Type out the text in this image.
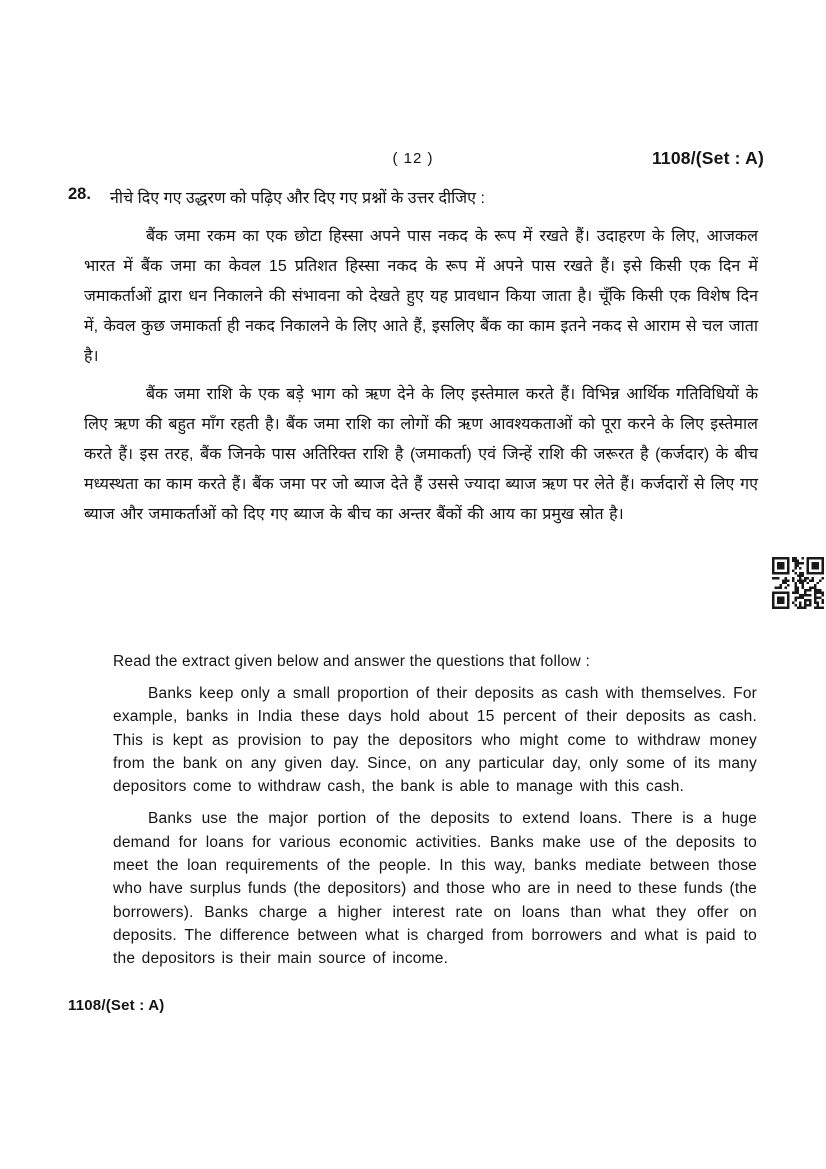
( 12 )	1108/(Set : A)
28. नीचे दिए गए उद्धरण को पढ़िए और दिए गए प्रश्नों के उत्तर दीजिए :

बैंक जमा रकम का एक छोटा हिस्सा अपने पास नकद के रूप में रखते हैं। उदाहरण के लिए, आजकल भारत में बैंक जमा का केवल 15 प्रतिशत हिस्सा नकद के रूप में अपने पास रखते हैं। इसे किसी एक दिन में जमाकर्ताओं द्वारा धन निकालने की संभावना को देखते हुए यह प्रावधान किया जाता है। चूँकि किसी एक विशेष दिन में, केवल कुछ जमाकर्ता ही नकद निकालने के लिए आते हैं, इसलिए बैंक का काम इतने नकद से आराम से चल जाता है।

बैंक जमा राशि के एक बड़े भाग को ऋण देने के लिए इस्तेमाल करते हैं। विभिन्न आर्थिक गतिविधियों के लिए ऋण की बहुत माँग रहती है। बैंक जमा राशि का लोगों की ऋण आवश्यकताओं को पूरा करने के लिए इस्तेमाल करते हैं। इस तरह, बैंक जिनके पास अतिरिक्त राशि है (जमाकर्ता) एवं जिन्हें राशि की जरूरत है (कर्जदार) के बीच मध्यस्थता का काम करते हैं। बैंक जमा पर जो ब्याज देते हैं उससे ज्यादा ब्याज ऋण पर लेते हैं। कर्जदारों से लिए गए ब्याज और जमाकर्ताओं को दिए गए ब्याज के बीच का अन्तर बैंकों की आय का प्रमुख स्रोत है।

Read the extract given below and answer the questions that follow :

Banks keep only a small proportion of their deposits as cash with themselves. For example, banks in India these days hold about 15 percent of their deposits as cash. This is kept as provision to pay the depositors who might come to withdraw money from the bank on any given day. Since, on any particular day, only some of its many depositors come to withdraw cash, the bank is able to manage with this cash.

Banks use the major portion of the deposits to extend loans. There is a huge demand for loans for various economic activities. Banks make use of the deposits to meet the loan requirements of the people. In this way, banks mediate between those who have surplus funds (the depositors) and those who are in need to these funds (the borrowers). Banks charge a higher interest rate on loans than what they offer on deposits. The difference between what is charged from borrowers and what is paid to the depositors is their main source of income.

1108/(Set : A)
